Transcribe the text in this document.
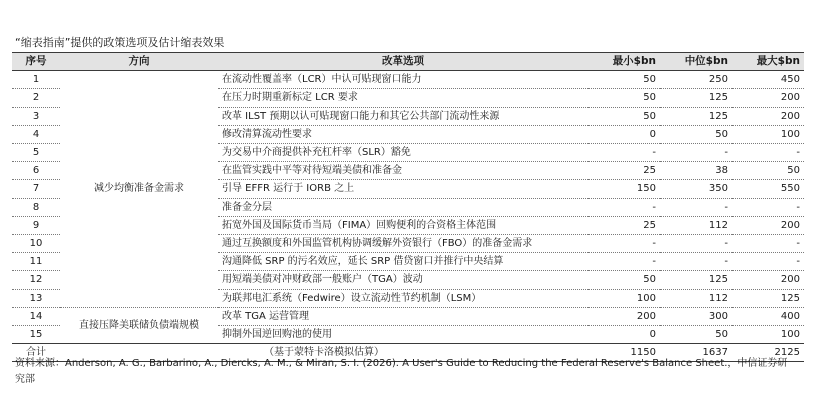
“缩表指南”提供的政策选项及估计缩表效果
序号	方向	改革选项	最小$bn	中位$bn	最大$bn
1	减少均衡准备金需求	在流动性覆盖率（LCR）中认可贴现窗口能力	50	250	450
2		在压力时期重新标定 LCR 要求	50	125	200
3		改革 ILST 预期以认可贴现窗口能力和其它公共部门流动性来源	50	125	200
4		修改清算流动性要求	0	50	100
5		为交易中介商提供补充杠杆率（SLR）豁免	-	-	-
6		在监管实践中平等对待短端美债和准备金	25	38	50
7		引导 EFFR 运行于 IORB 之上	150	350	550
8		准备金分层	-	-	-
9		拓宽外国及国际货币当局（FIMA）回购便利的合资格主体范围	25	112	200
10		通过互换额度和外国监管机构协调缓解外资银行（FBO）的准备金需求	-	-	-
11		沟通降低 SRP 的污名效应，延长 SRP 借贷窗口并推行中央结算	-	-	-
12		用短端美债对冲财政部一般账户（TGA）波动	50	125	200
13		为联邦电汇系统（Fedwire）设立流动性节约机制（LSM）	100	112	125
14	直接压降美联储负债端规模	改革 TGA 运营管理	200	300	400
15		抑制外国逆回购池的使用	0	50	100
合计	（基于蒙特卡洛模拟估算）		1150	1637	2125
资料来源：Anderson, A. G., Barbarino, A., Diercks, A. M., & Miran, S. I. (2026). A User's Guide to Reducing the Federal Reserve's Balance Sheet.，中信证券研究部
